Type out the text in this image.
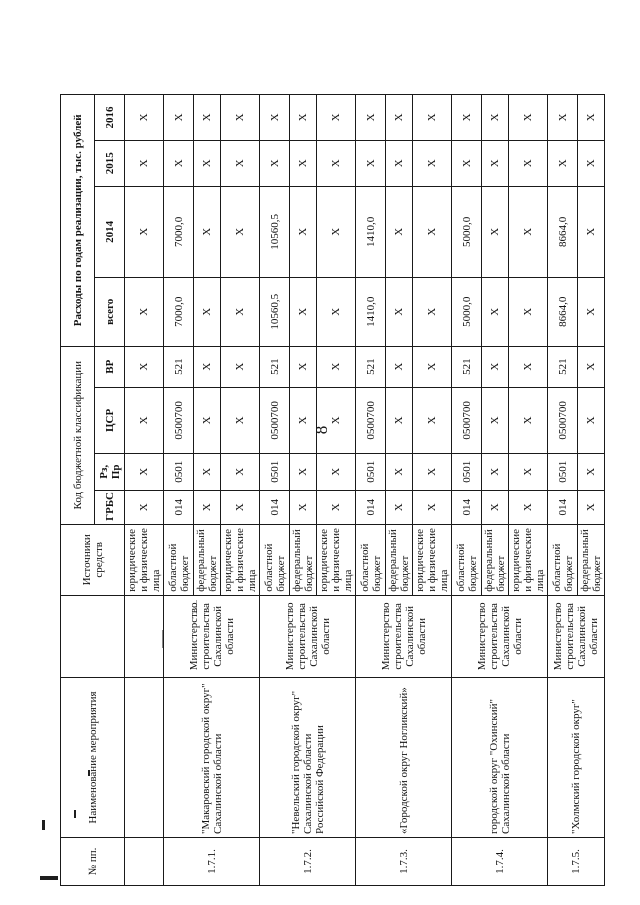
8
№ пп.	Наименование мероприятия		Источники средств	Код бюджетной классификации				Расходы по годам реализации, тыс. рублей			
				ГРБС	Рз, Пр	ЦСР	ВР	всего	2014	2015	2016
			юридические и физические лица	X	X	X	X	X	X	X	X
1.7.1.	"Макаровский городской округ" Сахалинской области	Министерство строительства Сахалинской области	областной бюджет	014	0501	0500700	521	7000,0	7000,0	X	X
			федеральный бюджет	X	X	X	X	X	X	X	X
			юридические и физические лица	X	X	X	X	X	X	X	X
1.7.2.	"Невельский городской округ" Сахалинской области Российской Федерации	Министерство строительства Сахалинской области	областной бюджет	014	0501	0500700	521	10560,5	10560,5	X	X
			федеральный бюджет	X	X	X	X	X	X	X	X
			юридические и физические лица	X	X	X	X	X	X	X	X
1.7.3.	«Городской округ Ногликский»	Министерство строительства Сахалинской области	областной бюджет	014	0501	0500700	521	1410,0	1410,0	X	X
			федеральный бюджет	X	X	X	X	X	X	X	X
			юридические и физические лица	X	X	X	X	X	X	X	X
1.7.4.	городской округ "Охинский" Сахалинской области	Министерство строительства Сахалинской области	областной бюджет	014	0501	0500700	521	5000,0	5000,0	X	X
			федеральный бюджет	X	X	X	X	X	X	X	X
			юридические и физические лица	X	X	X	X	X	X	X	X
1.7.5.	"Холмский городской округ"	Министерство строительства Сахалинской области	областной бюджет	014	0501	0500700	521	8664,0	8664,0	X	X
			федеральный бюджет	X	X	X	X	X	X	X	X
